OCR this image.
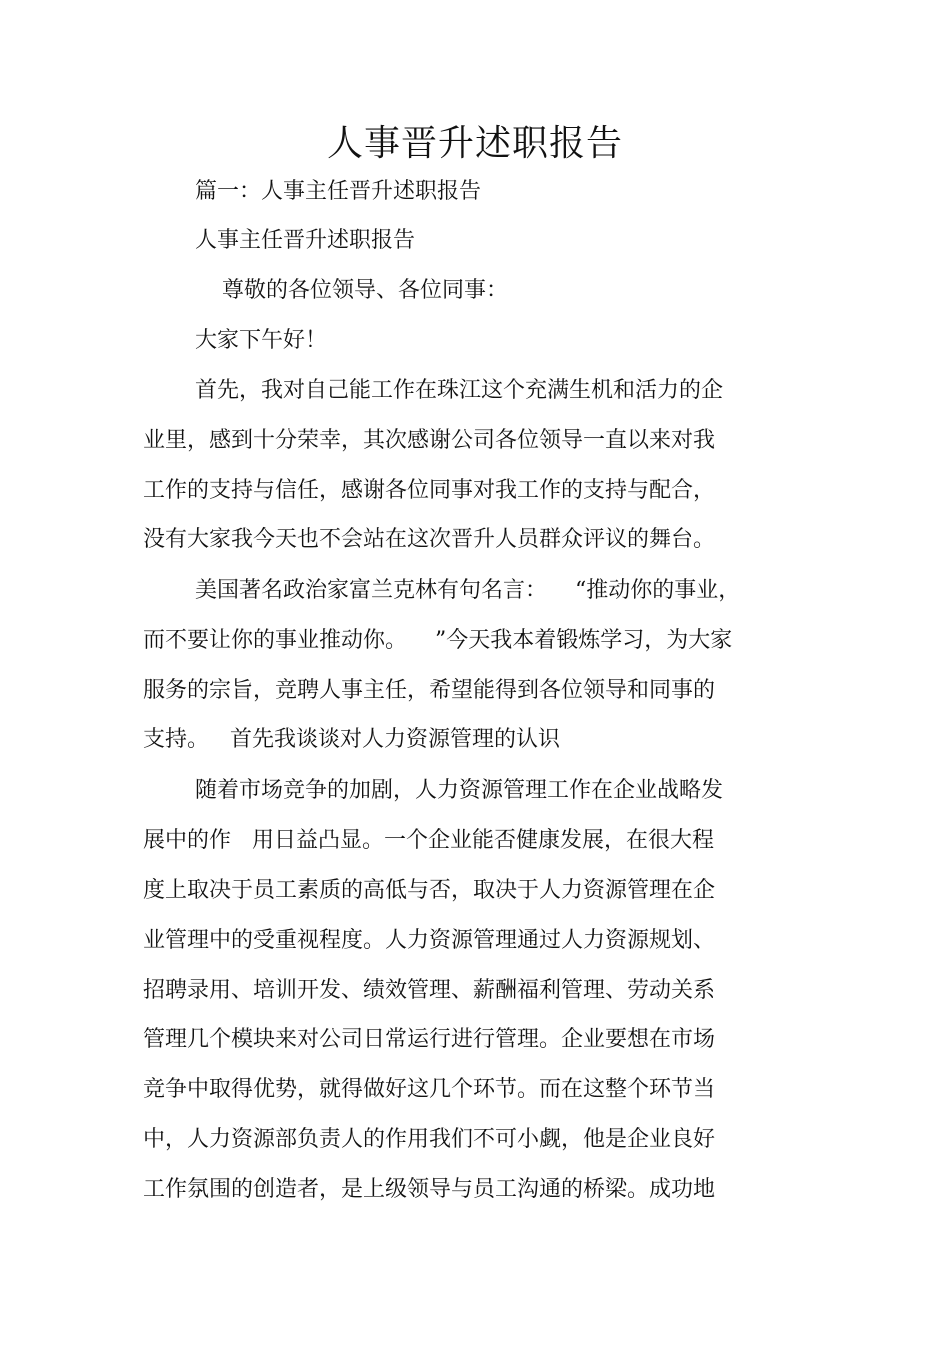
人事晋升述职报告
篇一：人事主任晋升述职报告
人事主任晋升述职报告
尊敬的各位领导、各位同事：
大家下午好！
首先，我对自己能工作在珠江这个充满生机和活力的企
业里，感到十分荣幸，其次感谢公司各位领导一直以来对我
工作的支持与信任，感谢各位同事对我工作的支持与配合，
没有大家我今天也不会站在这次晋升人员群众评议的舞台。
美国著名政治家富兰克林有句名言：    “推动你的事业，
而不要让你的事业推动你。    ”今天我本着锻炼学习，为大家
服务的宗旨，竞聘人事主任，希望能得到各位领导和同事的
支持。   首先我谈谈对人力资源管理的认识
随着市场竞争的加剧，人力资源管理工作在企业战略发
展中的作   用日益凸显。一个企业能否健康发展，在很大程
度上取决于员工素质的高低与否，取决于人力资源管理在企
业管理中的受重视程度。人力资源管理通过人力资源规划、
招聘录用、培训开发、绩效管理、薪酬福利管理、劳动关系
管理几个模块来对公司日常运行进行管理。企业要想在市场
竞争中取得优势，就得做好这几个环节。而在这整个环节当
中，人力资源部负责人的作用我们不可小觑，他是企业良好
工作氛围的创造者，是上级领导与员工沟通的桥梁。成功地
